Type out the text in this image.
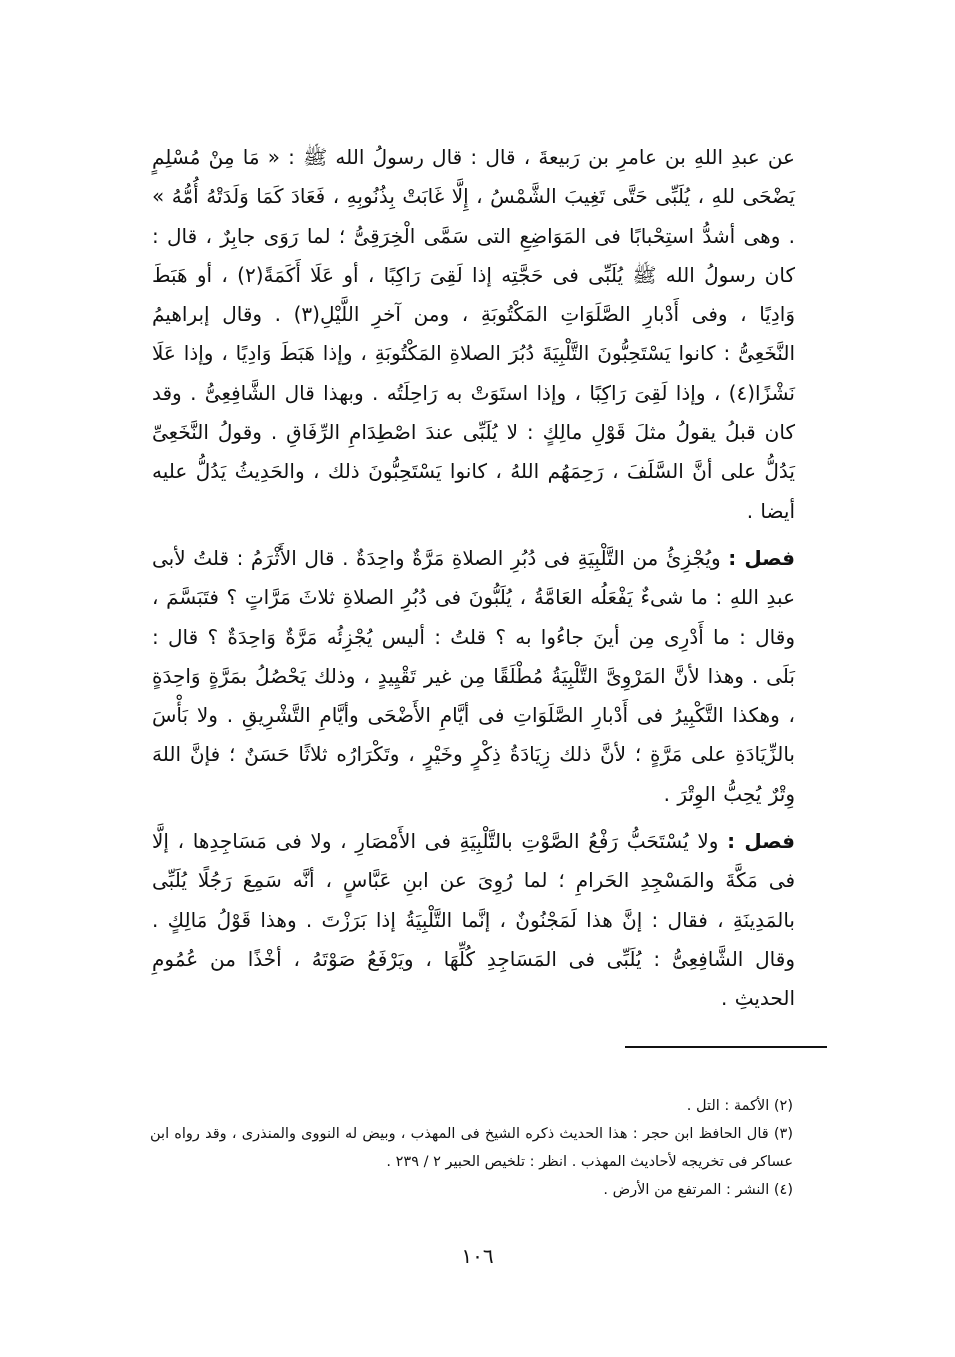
عن عبدِ اللهِ بن عامرِ بن رَبيعةَ ، قال : قال رسولُ الله ﷺ : « مَا مِنْ مُسْلِمٍ يَضْحَى للهِ ، يُلَبِّى حَتَّى تَغِيبَ الشَّمْسُ ، إِلَّا غَابَتْ بِذُنُوبِهِ ، فَعَادَ كَمَا وَلَدَتْهُ أُمُّهُ » . وهى أشدُّ استِحْبابًا فى المَوَاضِعِ التى سَمَّى الْخِرَقِىُّ ؛ لما رَوَى جابِرٌ ، قال : كان رسولُ الله ﷺ يُلَبِّى فى حَجَّتِه إذا لَقِىَ رَاكِبًا ، أو عَلَا أَكَمَةً(٢) ، أو هَبَطَ وَادِيًا ، وفى أَدْبارِ الصَّلَوَاتِ المَكْتُوبَةِ ، ومن آخرِ اللَّيْلِ(٣) . وقال إبراهيمُ النَّخَعِىُّ : كانوا يَسْتَحِبُّونَ التَّلْبِيَةَ دُبُرَ الصلاةِ المَكْتُوبَةِ ، وإذا هَبَطَ وَادِيًا ، وإذا عَلَا نَشْزًا(٤) ، وإذا لَقِىَ رَاكِبًا ، وإذا استَوَتْ به رَاحِلَتُه . وبهذا قال الشَّافِعِىُّ . وقد كان قبلُ يقولُ مثلَ قَوْلِ مالِكٍ : لا يُلَبِّى عندَ اصْطِدَامِ الرِّفَاقِ . وقولُ النَّخَعِىِّ يَدُلُّ على أنَّ السَّلَفَ ، رَحِمَهُم اللهُ ، كانوا يَسْتَحِبُّونَ ذلك ، والحَدِيثُ يَدُلُّ عليه أيضا .

فصل : ويُجْزِئُ من التَّلْبِيَةِ فى دُبُرِ الصلاةِ مَرَّةٌ واحِدَةٌ . قال الأَثْرَمُ : قلتُ لأبى عبدِ اللهِ : ما شىءٌ يَفْعَلُه العَامَّةُ ، يُلَبُّونَ فى دُبُرِ الصلاةِ ثلاثَ مَرَّاتٍ ؟ فتَبَسَّمَ ، وقال : ما أَدْرِى مِن أينَ جاءُوا به ؟ قلتُ : أليس يُجْزِئُه مَرَّةٌ وَاحِدَةٌ ؟ قال : بَلَى . وهذا لأنَّ المَرْوِىَّ التَّلْبِيَةُ مُطْلَقًا مِن غير تَقْيِيدٍ ، وذلك يَحْصُلُ بمَرَّةٍ وَاحِدَةٍ ، وهكذا التَّكْبِيرُ فى أَدْبارِ الصَّلَوَاتِ فى أيَّامِ الأَضْحَى وأيَّامِ التَّشْرِيقِ . ولا بَأْسَ بالزِّيَادَةِ على مَرَّةٍ ؛ لأنَّ ذلك زِيَادَةُ ذِكْرٍ وخَيْرٍ ، وتَكْرَارُه ثلاثًا حَسَنٌ ؛ فإنَّ اللهَ وِتْرٌ يُحِبُّ الوِتْرَ .

فصل : ولا يُسْتَحَبُّ رَفْعُ الصَّوْتِ بالتَّلْبِيَةِ فى الأَمْصَارِ ، ولا فى مَسَاجِدِها ، إلَّا فى مَكَّةَ والمَسْجِدِ الحَرامِ ؛ لما رُوِىَ عن ابنِ عَبَّاسٍ ، أنَّه سَمِعَ رَجُلًا يُلَبِّى بالمَدِينَةِ ، فقال : إنَّ هذا لَمَجْنُونٌ ، إنَّما التَّلْبِيَةُ إذا بَرَزْتَ . وهذا قَوْلُ مَالِكٍ . وقال الشَّافِعِىُّ : يُلَبِّى فى المَسَاجِدِ كُلِّهَا ، ويَرْفَعُ صَوْتَهُ ، أخْذًا من عُمُومِ الحديثِ .

(٢) الأكمة : التل .

(٣) قال الحافظ ابن حجر : هذا الحديث ذكره الشيخ فى المهذب ، وبيض له النووى والمنذرى ، وقد رواه ابن عساكر فى تخريجه لأحاديث المهذب . انظر : تلخيص الحبير ٢ / ٢٣٩ .

(٤) النشر : المرتفع من الأرض .

١٠٦
